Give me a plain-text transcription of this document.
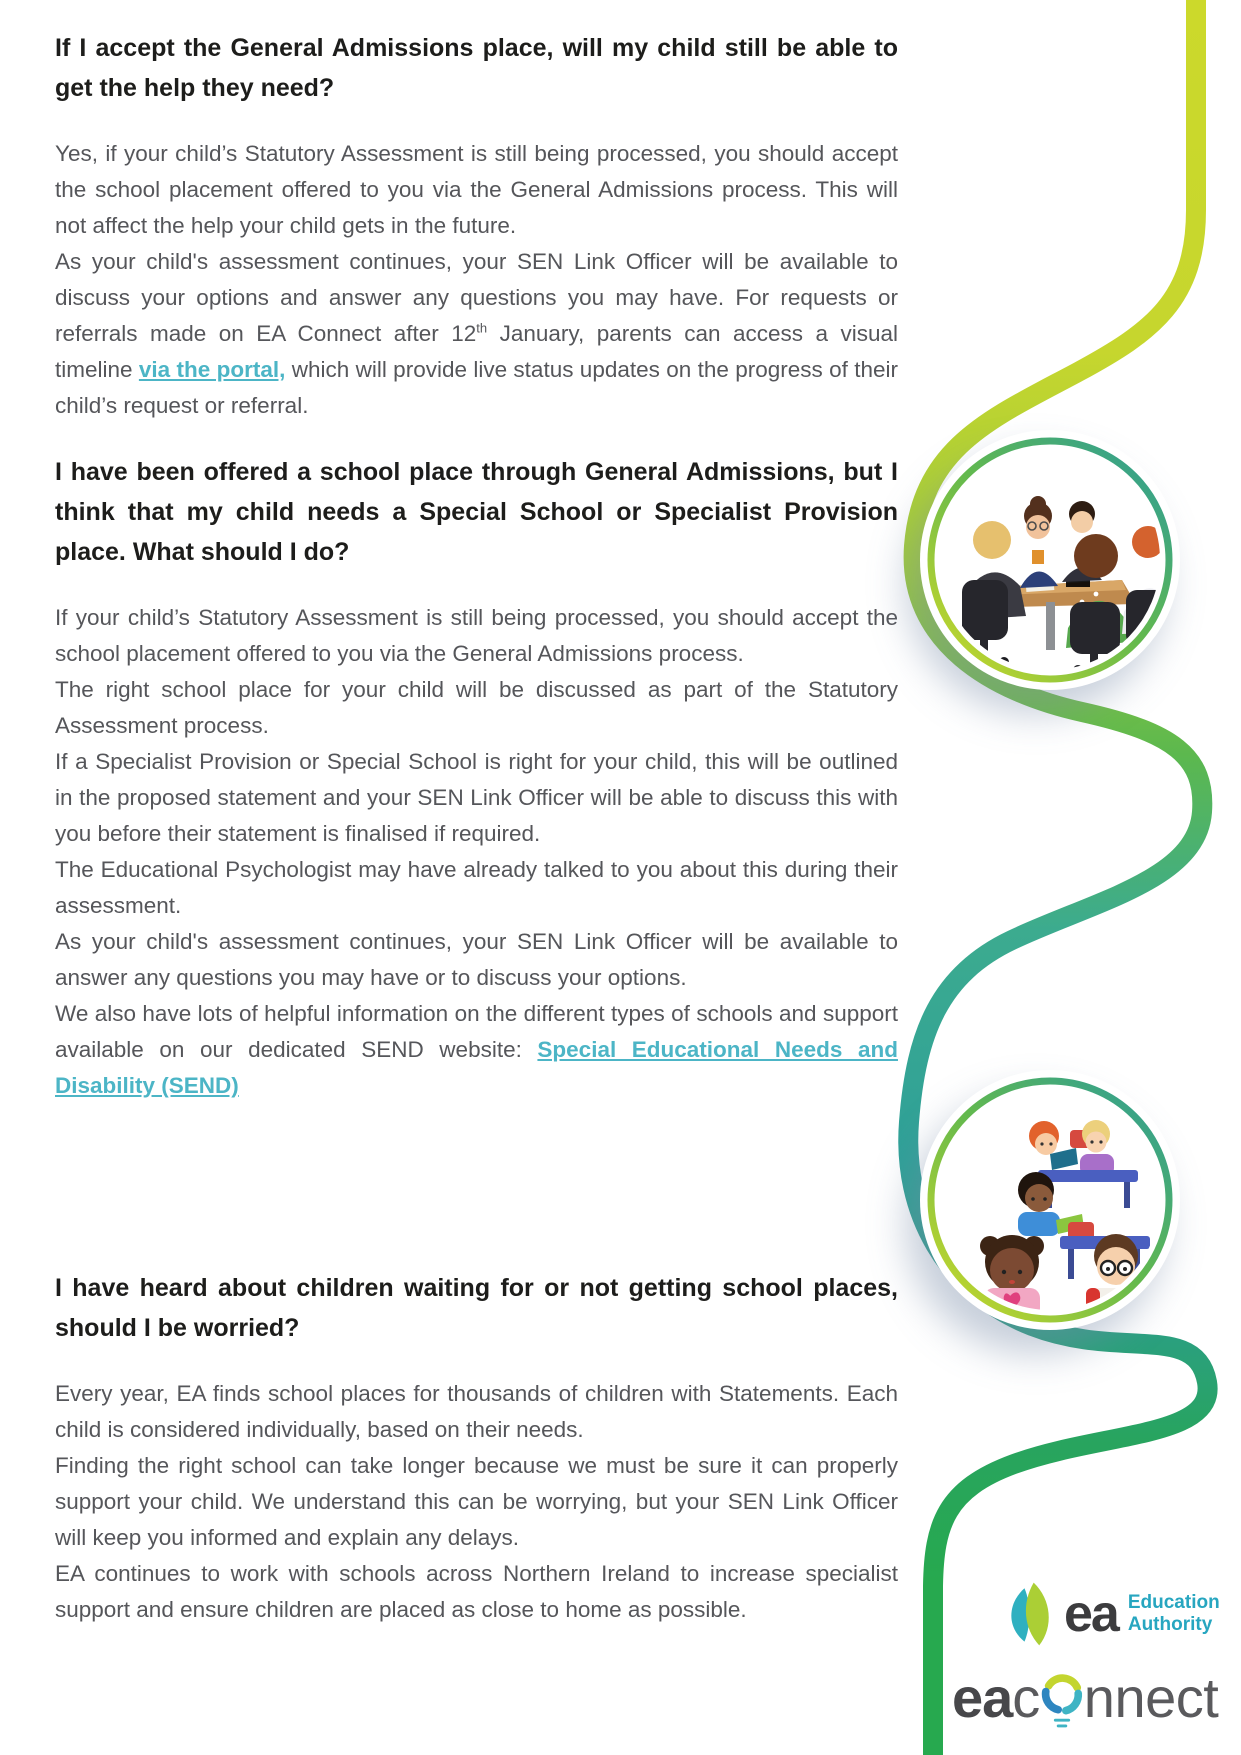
If I accept the General Admissions place, will my child still be able to get the help they need?

Yes, if your child’s Statutory Assessment is still being processed, you should accept the school placement offered to you via the General Admissions process. This will not affect the help your child gets in the future.

As your child's assessment continues, your SEN Link Officer will be available to discuss your options and answer any questions you may have. For requests or referrals made on EA Connect after 12th January, parents can access a visual timeline via the portal, which will provide live status updates on the progress of their child’s request or referral.

I have been offered a school place through General Admissions, but I think that my child needs a Special School or Specialist Provision place. What should I do?

If your child’s Statutory Assessment is still being processed, you should accept the school placement offered to you via the General Admissions process.

The right school place for your child will be discussed as part of the Statutory Assessment process.

If a Specialist Provision or Special School is right for your child, this will be outlined in the proposed statement and your SEN Link Officer will be able to discuss this with you before their statement is finalised if required.

The Educational Psychologist may have already talked to you about this during their assessment.

As your child's assessment continues, your SEN Link Officer will be available to answer any questions you may have or to discuss your options.

We also have lots of helpful information on the different types of schools and support available on our dedicated SEND website: Special Educational Needs and Disability (SEND)

I have heard about children waiting for or not getting school places, should I be worried?

Every year, EA finds school places for thousands of children with Statements. Each child is considered individually, based on their needs.

Finding the right school can take longer because we must be sure it can properly support your child. We understand this can be worrying, but your SEN Link Officer will keep you informed and explain any delays.

EA continues to work with schools across Northern Ireland to increase specialist support and ensure children are placed as close to home as possible.	ea Education
Authority
ea c nnect
